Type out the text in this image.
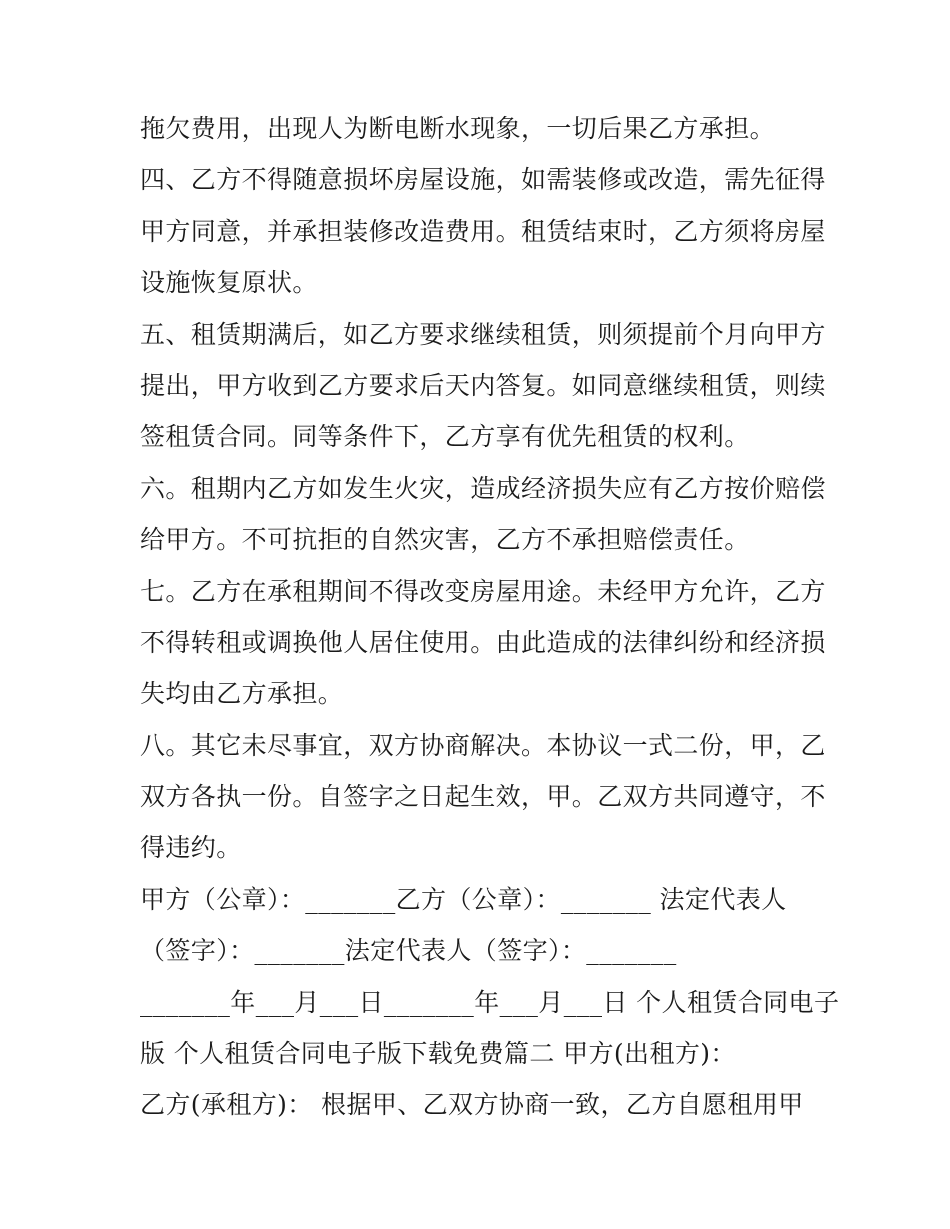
拖欠费用，出现人为断电断水现象，一切后果乙方承担。
四、乙方不得随意损坏房屋设施，如需装修或改造，需先征得
甲方同意，并承担装修改造费用。租赁结束时，乙方须将房屋
设施恢复原状。
五、租赁期满后，如乙方要求继续租赁，则须提前个月向甲方
提出，甲方收到乙方要求后天内答复。如同意继续租赁，则续
签租赁合同。同等条件下，乙方享有优先租赁的权利。
六。租期内乙方如发生火灾，造成经济损失应有乙方按价赔偿
给甲方。不可抗拒的自然灾害，乙方不承担赔偿责任。
七。乙方在承租期间不得改变房屋用途。未经甲方允许，乙方
不得转租或调换他人居住使用。由此造成的法律纠纷和经济损
失均由乙方承担。
八。其它未尽事宜，双方协商解决。本协议一式二份，甲，乙
双方各执一份。自签字之日起生效，甲。乙双方共同遵守，不
得违约。
甲方（公章）：_______乙方（公章）：_______ 法定代表人
（签字）：_______法定代表人（签字）：_______
_______年___月___日_______年___月___日 个人租赁合同电子
版 个人租赁合同电子版下载免费篇二 甲方(出租方)：
乙方(承租方)： 根据甲、乙双方协商一致，乙方自愿租用甲
